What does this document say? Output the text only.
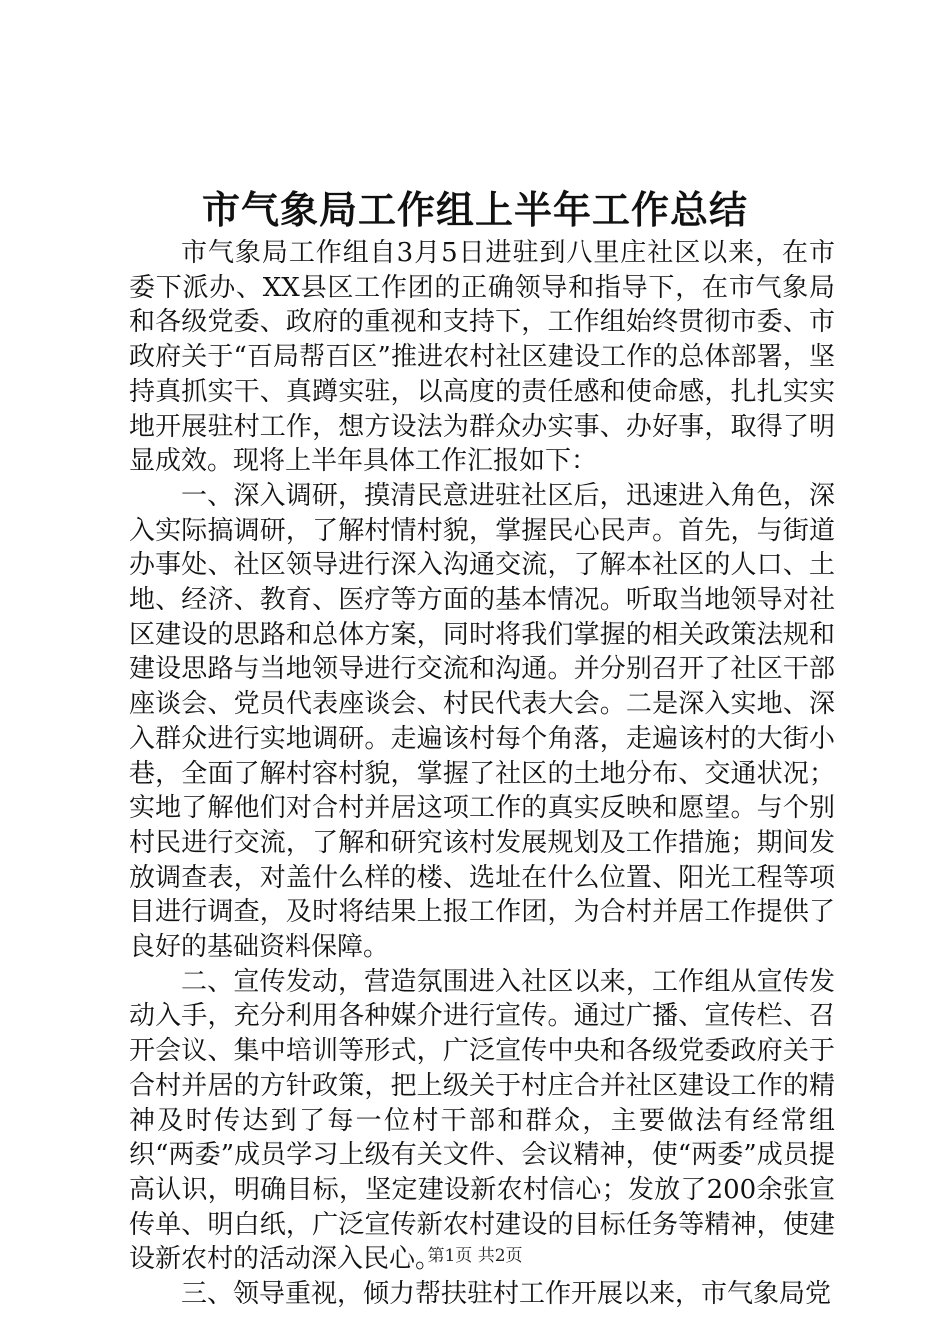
市气象局工作组上半年工作总结

市气象局工作组自3月5日进驻到八里庄社区以来，在市委下派办、XX县区工作团的正确领导和指导下，在市气象局和各级党委、政府的重视和支持下，工作组始终贯彻市委、市政府关于“百局帮百区”推进农村社区建设工作的总体部署，坚持真抓实干、真蹲实驻，以高度的责任感和使命感，扎扎实实地开展驻村工作，想方设法为群众办实事、办好事，取得了明显成效。现将上半年具体工作汇报如下：

一、深入调研，摸清民意进驻社区后，迅速进入角色，深入实际搞调研，了解村情村貌，掌握民心民声。首先，与街道办事处、社区领导进行深入沟通交流，了解本社区的人口、土地、经济、教育、医疗等方面的基本情况。听取当地领导对社区建设的思路和总体方案，同时将我们掌握的相关政策法规和建设思路与当地领导进行交流和沟通。并分别召开了社区干部座谈会、党员代表座谈会、村民代表大会。二是深入实地、深入群众进行实地调研。走遍该村每个角落，走遍该村的大街小巷，全面了解村容村貌，掌握了社区的土地分布、交通状况；实地了解他们对合村并居这项工作的真实反映和愿望。与个别村民进行交流，了解和研究该村发展规划及工作措施；期间发放调查表，对盖什么样的楼、选址在什么位置、阳光工程等项目进行调查，及时将结果上报工作团，为合村并居工作提供了良好的基础资料保障。

二、宣传发动，营造氛围进入社区以来，工作组从宣传发动入手，充分利用各种媒介进行宣传。通过广播、宣传栏、召开会议、集中培训等形式，广泛宣传中央和各级党委政府关于合村并居的方针政策，把上级关于村庄合并社区建设工作的精神及时传达到了每一位村干部和群众，主要做法有经常组织“两委”成员学习上级有关文件、会议精神，使“两委”成员提高认识，明确目标，坚定建设新农村信心；发放了200余张宣传单、明白纸，广泛宣传新农村建设的目标任务等精神，使建设新农村的活动深入民心。

三、领导重视，倾力帮扶驻村工作开展以来，市气象局党

第1页 共2页
